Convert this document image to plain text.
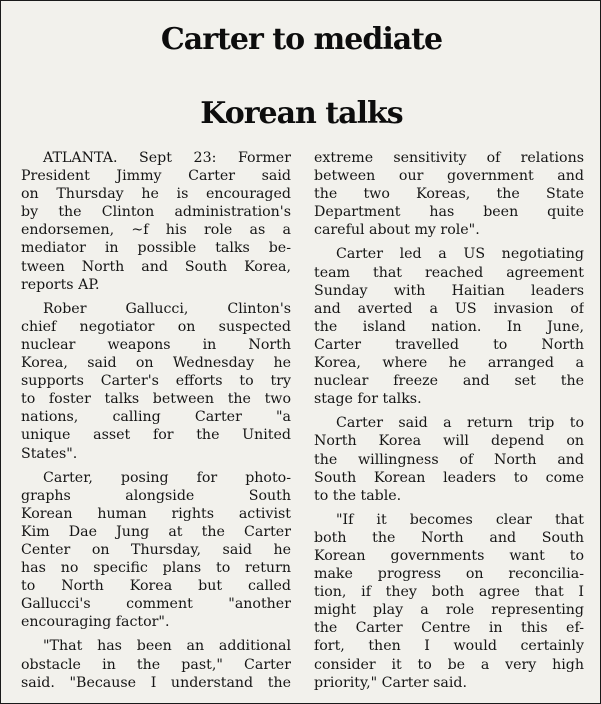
Carter to mediate
Korean talks
ATLANTA. Sept 23: Former
President Jimmy Carter said
on Thursday he is encouraged
by the Clinton administration's
endorsemen, ~f his role as a
mediator in possible talks be-
tween North and South Korea,
reports AP.
Rober Gallucci, Clinton's
chief negotiator on suspected
nuclear weapons in North
Korea, said on Wednesday he
supports Carter's efforts to try
to foster talks between the two
nations, calling Carter "a
unique asset for the United
States".
Carter, posing for photo-
graphs alongside South
Korean human rights activist
Kim Dae Jung at the Carter
Center on Thursday, said he
has no specific plans to return
to North Korea but called
Gallucci's comment "another
encouraging factor".
"That has been an additional
obstacle in the past," Carter
said. "Because I understand the
extreme sensitivity of relations
between our government and
the two Koreas, the State
Department has been quite
careful about my role".
Carter led a US negotiating
team that reached agreement
Sunday with Haitian leaders
and averted a US invasion of
the island nation. In June,
Carter travelled to North
Korea, where he arranged a
nuclear freeze and set the
stage for talks.
Carter said a return trip to
North Korea will depend on
the willingness of North and
South Korean leaders to come
to the table.
"If it becomes clear that
both the North and South
Korean governments want to
make progress on reconcilia-
tion, if they both agree that I
might play a role representing
the Carter Centre in this ef-
fort, then I would certainly
consider it to be a very high
priority," Carter said.
